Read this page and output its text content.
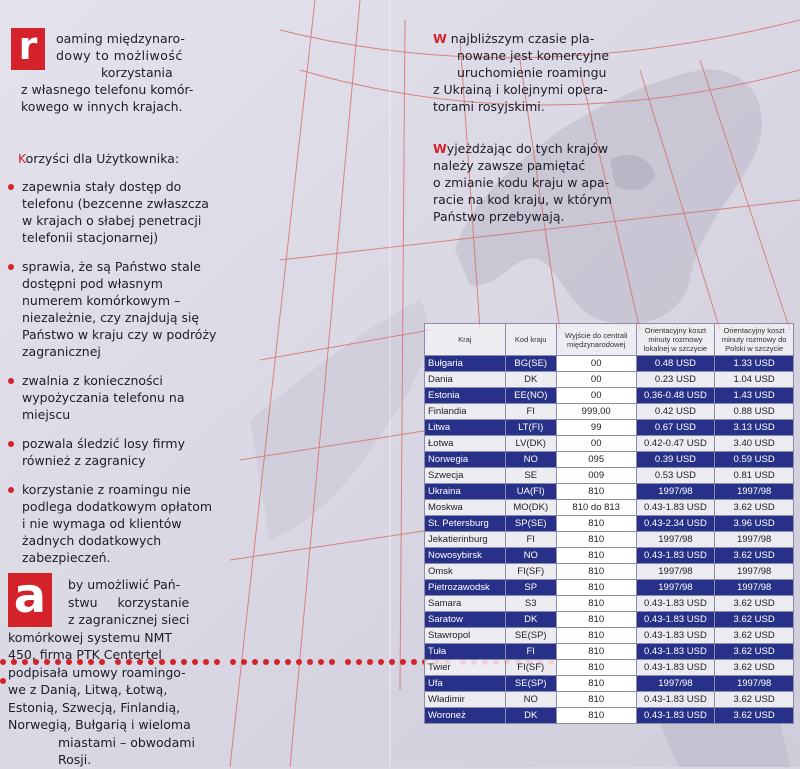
r	oaming międzynaro-
dowy to możliwość
korzystania
z własnego telefonu komór-
kowego w innych krajach.
Korzyści dla Użytkownika:
zapewnia stały dostęp do telefonu (bezcenne zwłaszcza w krajach o słabej penetracji telefonii stacjonarnej)
sprawia, że są Państwo stale dostępni pod własnym numerem komórkowym – niezależnie, czy znajdują się Państwo w kraju czy w podróży zagranicznej
zwalnia z konieczności wypożyczania telefonu na miejscu
pozwala śledzić losy firmy również z zagranicy
korzystanie z roamingu nie podlega dodatkowym opłatom i nie wymaga od klientów żadnych dodatkowych zabezpieczeń.
a
	by umożliwić Pań-
stwu korzystanie
z zagranicznej sieci
komórkowej systemu NMT
450, firma PTK Centertel
podpisała umowy roamingo-
we z Danią, Litwą, Łotwą,
Estonią, Szwecją, Finlandią,
Norwegią, Bułgarią i wieloma
miastami – obwodami Rosji.
W najbliższym czasie pla-
nowane jest komercyjne
uruchomienie roamingu
z Ukrainą i kolejnymi opera-
torami rosyjskimi.
Wyjeżdżając do tych krajów
należy zawsze pamiętać
o zmianie kodu kraju w apa-
racie na kod kraju, w którym
Państwo przebywają.
Kraj	Kod kraju	Wyjście do centrali międzynarodowej	Orientacyjny koszt minuty rozmowy lokalnej w szczycie	Orientacyjny koszt minuty rozmowy do Polski w szczycie
Bułgaria	BG(SE)	00	0.48 USD	1.33 USD
Dania	DK	00	0.23 USD	1.04 USD
Estonia	EE(NO)	00	0.36-0.48 USD	1.43 USD
Finlandia	FI	999,00	0.42 USD	0.88 USD
Litwa	LT(FI)	99	0.67 USD	3.13 USD
Łotwa	LV(DK)	00	0.42-0.47 USD	3.40 USD
Norwegia	NO	095	0.39 USD	0.59 USD
Szwecja	SE	009	0.53 USD	0.81 USD
Ukraina	UA(FI)	810	1997/98	1997/98
Moskwa	MO(DK)	810 do 813	0.43-1.83 USD	3.62 USD
St. Petersburg	SP(SE)	810	0.43-2.34 USD	3.96 USD
Jekatierinburg	FI	810	1997/98	1997/98
Nowosybirsk	NO	810	0.43-1.83 USD	3.62 USD
Omsk	FI(SF)	810	1997/98	1997/98
Pietrozawodsk	SP	810	1997/98	1997/98
Samara	S3	810	0.43-1.83 USD	3.62 USD
Saratow	DK	810	0.43-1.83 USD	3.62 USD
Stawropol	SE(SP)	810	0.43-1.83 USD	3.62 USD
Tuła	FI	810	0.43-1.83 USD	3.62 USD
Twier	FI(SF)	810	0.43-1.83 USD	3.62 USD
Ufa	SE(SP)	810	1997/98	1997/98
Władimir	NO	810	0.43-1.83 USD	3.62 USD
Woroneż	DK	810	0.43-1.83 USD	3.62 USD
